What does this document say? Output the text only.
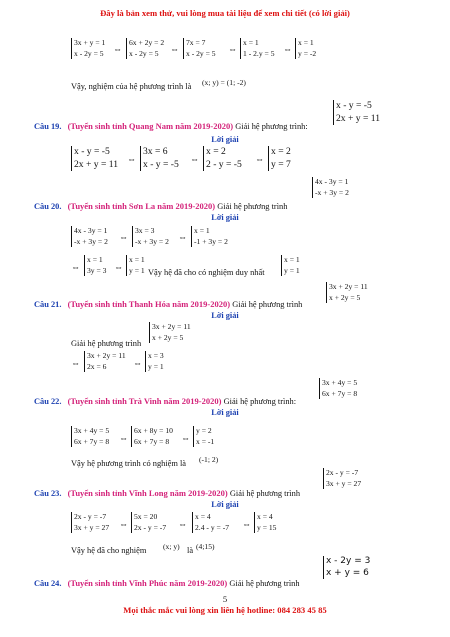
Đây là bản xem thử, vui lòng mua tài liệu để xem chi tiết (có lời giải)
3x + y = 1
x - 2y = 5 ⇔
6x + 2y = 2
x - 2y = 5	⇔
7x = 7
x - 2y = 5 ⇔
x = 1
1 - 2.y = 5 ⇔
x = 1
y = -2
Vậy, nghiệm của hệ phương trình là (x; y) = (1; -2)
x - y = -5
2x + y = 11
Câu 19. (Tuyển sinh tỉnh Quang Nam năm 2019-2020) Giải hệ phương trình:
Lời giải
x - y = -5
2x + y = 11 ⇔
3x = 6
x - y = -5 ⇔
x = 2
2 - y = -5 ⇔
x = 2
y = 7
4x - 3y = 1
-x + 3y = 2
Câu 20. (Tuyển sinh tỉnh Sơn La năm 2019-2020) Giải hệ phương trình
Lời giải
4x - 3y = 1
-x + 3y = 2 ⇔
3x = 3
-x + 3y = 2 ⇔
x = 1
-1 + 3y = 2
⇔
x = 1
3y = 3 ⇔
x = 1
y = 1 Vậy hệ đã cho có nghiệm duy nhất
x = 1
y = 1
3x + 2y = 11
x + 2y = 5
Câu 21. (Tuyển sinh tỉnh Thanh Hóa năm 2019-2020) Giải hệ phương trình
Lời giải
3x + 2y = 11
x + 2y = 5
Giải hệ phương trình
⇔
3x + 2y = 11
2x = 6	⇔
x = 3
y = 1
3x + 4y = 5
6x + 7y = 8
Câu 22. (Tuyển sinh tỉnh Trà Vinh năm 2019-2020) Giải hệ phương trình:
Lời giải
3x + 4y = 5
6x + 7y = 8 ⇔
6x + 8y = 10
6x + 7y = 8	⇔
y = 2
x = -1
Vậy hệ phương trình có nghiệm là (-1; 2)
2x - y = -7
3x + y = 27
Câu 23. (Tuyển sinh tỉnh Vĩnh Long năm 2019-2020) Giải hệ phương trình
Lời giải
2x - y = -7
3x + y = 27 ⇔
5x = 20
2x - y = -7 ⇔
x = 4
2.4 - y = -7 ⇔
x = 4
y = 15
Vậy hệ đã cho nghiệm (x; y) là (4;15)
x - 2y = 3
x + y = 6
Câu 24. (Tuyển sinh tỉnh Vĩnh Phúc năm 2019-2020) Giải hệ phương trình
5
Mọi thắc mắc vui lòng xin liên hệ hotline: 084 283 45 85
